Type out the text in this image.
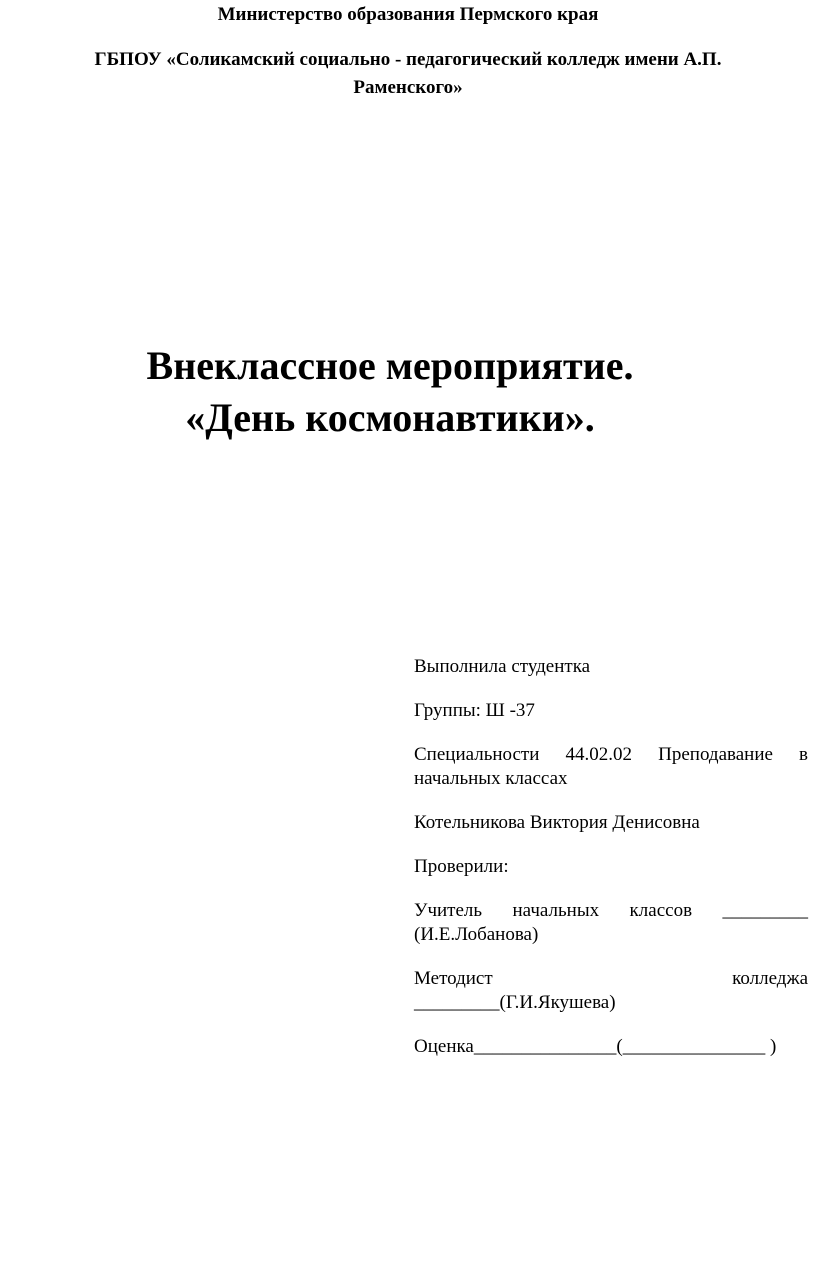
Министерство образования Пермского края
ГБПОУ «Соликамский социально - педагогический колледж имени А.П. Раменского»
Внеклассное мероприятие.
«День космонавтики».

Выполнила студентка

Группы: Ш -37

Специальности 44.02.02 Преподавание в начальных классах

Котельникова Виктория Денисовна

Проверили:

Учитель начальных классов _________ (И.Е.Лобанова)

Методист	колледжа
_________(Г.И.Якушева)

Оценка_______________(_______________ )
